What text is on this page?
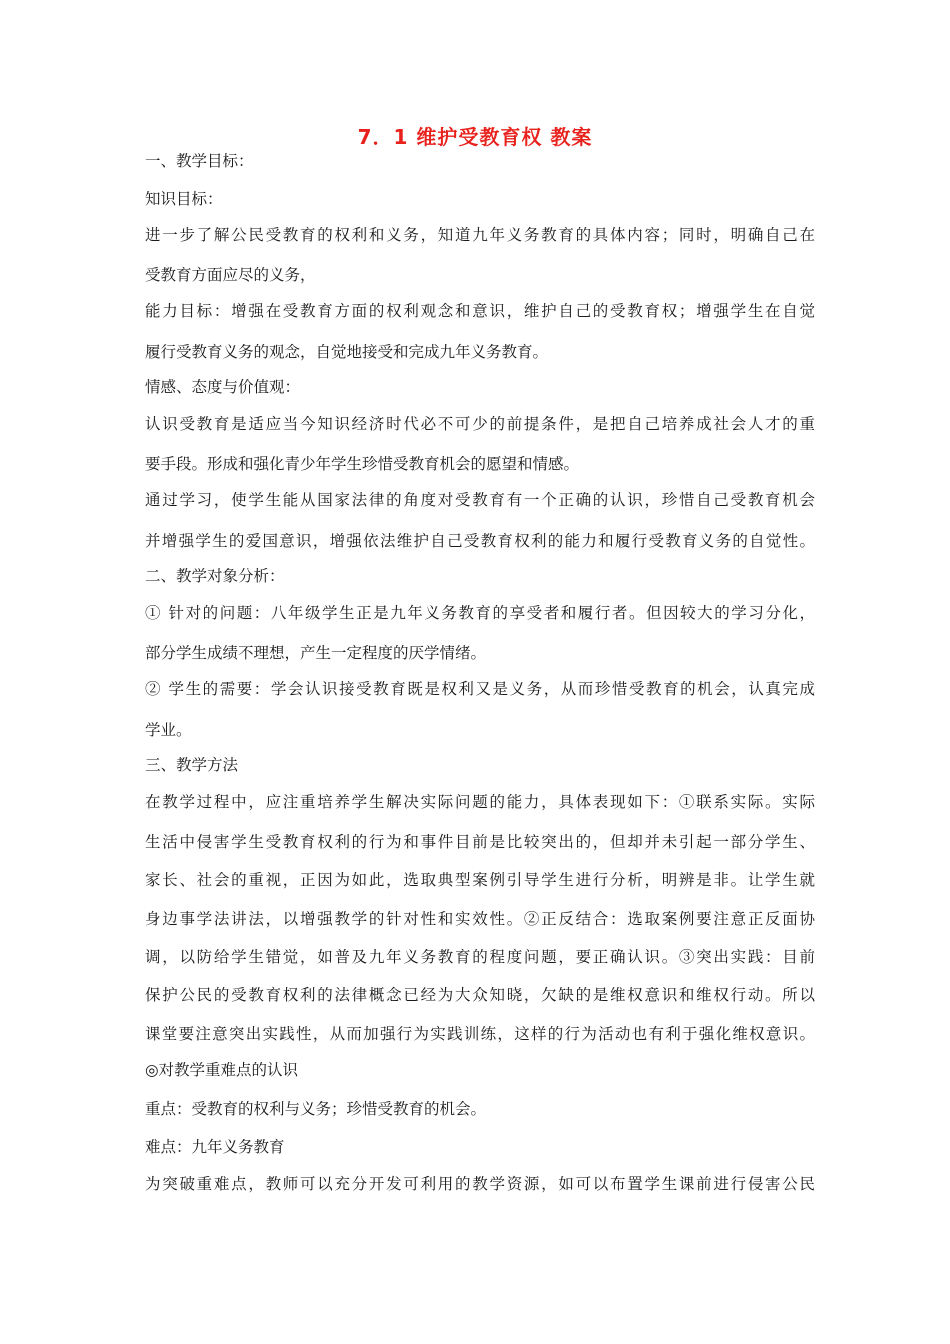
7．1 维护受教育权 教案
一、教学目标：
知识目标：
进一步了解公民受教育的权利和义务，知道九年义务教育的具体内容；同时，明确自己在
受教育方面应尽的义务，
能力目标：增强在受教育方面的权利观念和意识，维护自己的受教育权；增强学生在自觉
履行受教育义务的观念，自觉地接受和完成九年义务教育。
情感、态度与价值观：
认识受教育是适应当今知识经济时代必不可少的前提条件，是把自己培养成社会人才的重
要手段。形成和强化青少年学生珍惜受教育机会的愿望和情感。
通过学习，使学生能从国家法律的角度对受教育有一个正确的认识，珍惜自己受教育机会
并增强学生的爱国意识，增强依法维护自己受教育权利的能力和履行受教育义务的自觉性。
二、教学对象分析：
① 针对的问题：八年级学生正是九年义务教育的享受者和履行者。但因较大的学习分化，
部分学生成绩不理想，产生一定程度的厌学情绪。
② 学生的需要：学会认识接受教育既是权利又是义务，从而珍惜受教育的机会，认真完成
学业。
三、教学方法
在教学过程中，应注重培养学生解决实际问题的能力，具体表现如下：①联系实际。实际
生活中侵害学生受教育权利的行为和事件目前是比较突出的，但却并未引起一部分学生、
家长、社会的重视，正因为如此，选取典型案例引导学生进行分析，明辨是非。让学生就
身边事学法讲法，以增强教学的针对性和实效性。②正反结合：选取案例要注意正反面协
调，以防给学生错觉，如普及九年义务教育的程度问题，要正确认识。③突出实践：目前
保护公民的受教育权利的法律概念已经为大众知晓，欠缺的是维权意识和维权行动。所以
课堂要注意突出实践性，从而加强行为实践训练，这样的行为活动也有利于强化维权意识。
◎对教学重难点的认识
重点：受教育的权利与义务；珍惜受教育的机会。
难点：九年义务教育
为突破重难点，教师可以充分开发可利用的教学资源，如可以布置学生课前进行侵害公民
